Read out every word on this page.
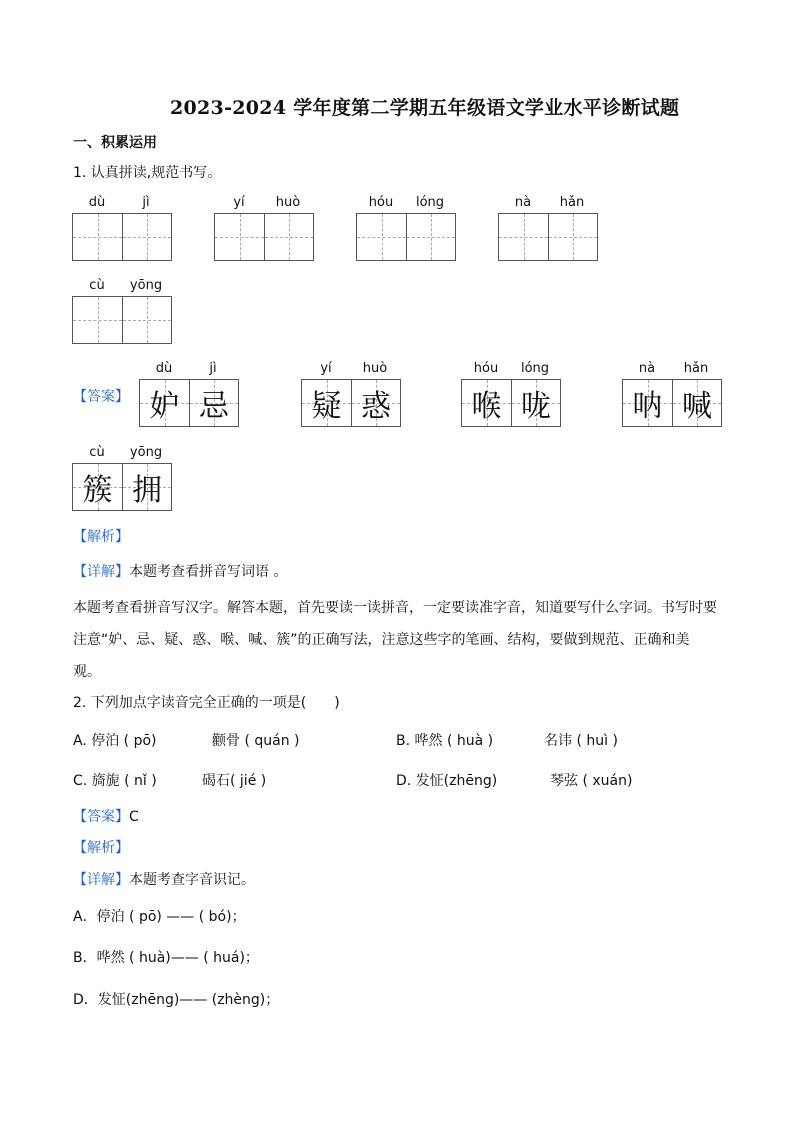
2023-2024 学年度第二学期五年级语文学业水平诊断试题
一、积累运用
1. 认真拼读,规范书写。
dù	jì	yí huò	hóu lóng	nà hǎn
cù yōng
【答案】
dù	jì
妒 忌
yí huò
疑 惑
hóu lóng
喉 咙
nà hǎn
呐 喊
cù yōng
簇 拥
【解析】
【详解】本题考查看拼音写词语 。
本题考查看拼音写汉字。解答本题，首先要读一读拼音，一定要读准字音，知道要写什么字词。书写时要
注意“妒、忌、疑、惑、喉、喊、簇”的正确写法，注意这些字的笔画、结构，要做到规范、正确和美
观。
2. 下列加点字读音完全正确的一项是(　　)
A. 停泊 ( pō)	颧骨 ( quán )	B. 哗然 ( huà )	名讳 ( huì )
C. 旖旎 ( nǐ )	碣石( jié )	D. 发怔(zhēng)	琴弦 ( xuán)
【答案】C
【解析】
【详解】本题考查字音识记。
A．停泊 ( pō) —— ( bó)；
B．哗然 ( huà)—— ( huá)；
D．发怔(zhēng)—— (zhèng)；
